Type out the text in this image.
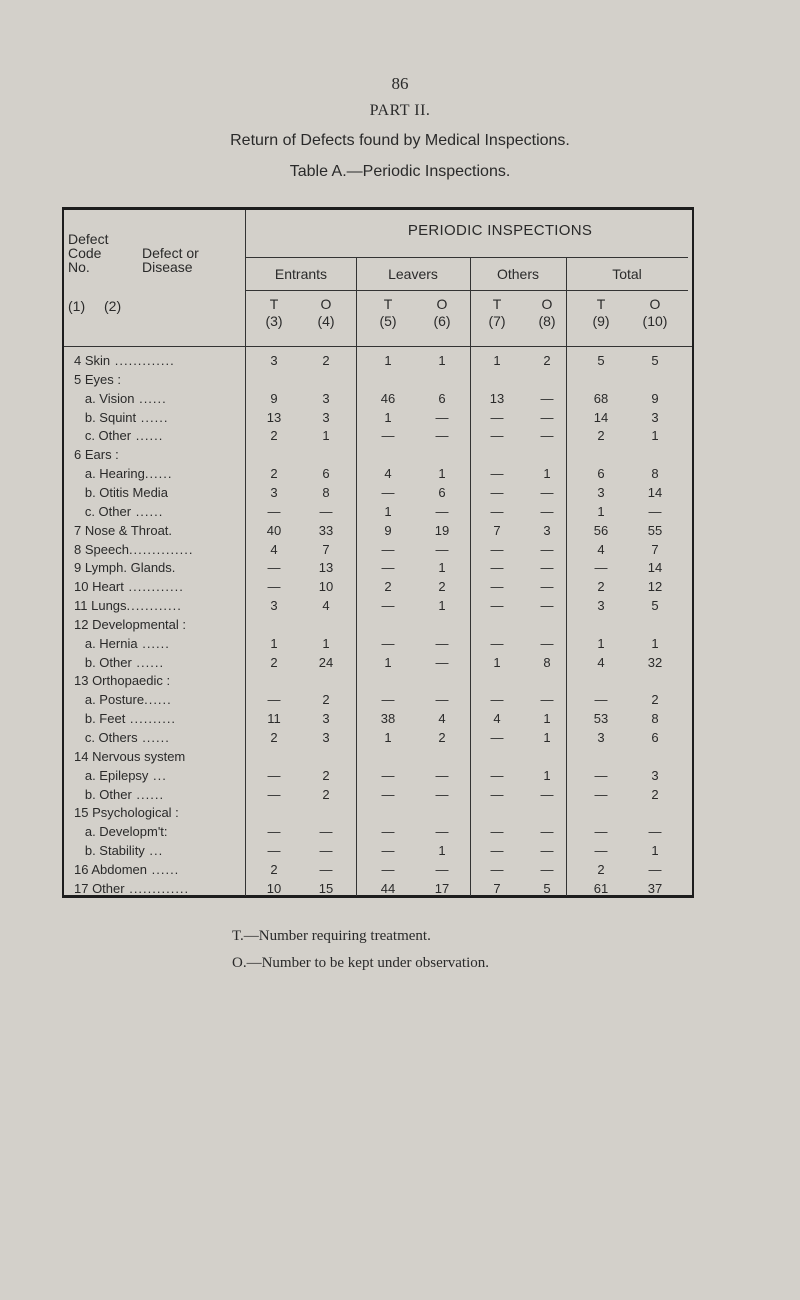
86
PART II.
Return of Defects found by Medical Inspections.
Table A.—Periodic Inspections.
Defect
Code
No.
Defect or
Disease
(1) (2)
PERIODIC INSPECTIONS
Entrants
T	O
(3)	(4)
Leavers
T	O
(5)	(6)
Others
T	O
(7)	(8)
Total
T	O
(9)	(10)
4 Skin .............	3	2	1	1	1	2	5	5
5 Eyes :
a. Vision ......	9	3	46	6	13	—	68	9
b. Squint ......	13	3	1	—	—	—	14	3
c. Other ......	2	1	—	—	—	—	2	1
6 Ears :
a. Hearing......	2	6	4	1	—	1	6	8
b. Otitis Media	3	8	—	6	—	—	3	14
c. Other ......	—	—	1	—	—	—	1	—
7 Nose & Throat.	40	33	9	19	7	3	56	55
8 Speech..............	4	7	—	—	—	—	4	7
9 Lymph. Glands.	—	13	—	1	—	—	—	14
10 Heart ............	—	10	2	2	—	—	2	12
11 Lungs............	3	4	—	1	—	—	3	5
12 Developmental :
a. Hernia ......	1	1	—	—	—	—	1	1
b. Other ......	2	24	1	—	1	8	4	32
13 Orthopaedic :
a. Posture......	—	2	—	—	—	—	—	2
b. Feet ..........	11	3	38	4	4	1	53	8
c. Others ......	2	3	1	2	—	1	3	6
14 Nervous system
a. Epilepsy ...	—	2	—	—	—	1	—	3
b. Other ......	—	2	—	—	—	—	—	2
15 Psychological :
a. Developm't:	—	—	—	—	—	—	—	—
b. Stability ...	—	—	—	1	—	—	—	1
16 Abdomen ......	2	—	—	—	—	—	2	—
17 Other .............	10	15	44	17	7	5	61	37
T.—Number requiring treatment.
O.—Number to be kept under observation.
